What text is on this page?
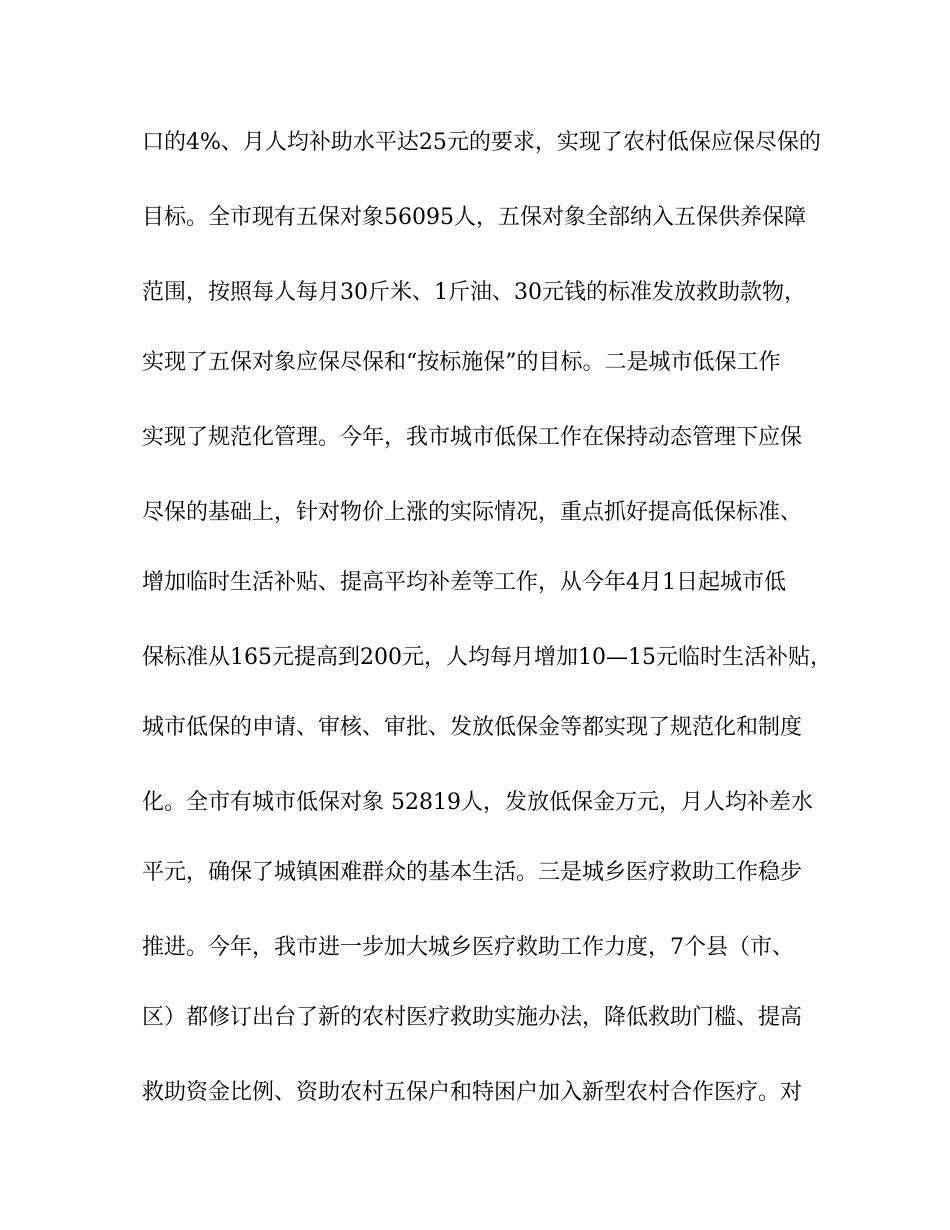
口的4%、月人均补助水平达25元的要求，实现了农村低保应保尽保的
目标。全市现有五保对象56095人，五保对象全部纳入五保供养保障
范围，按照每人每月30斤米、1斤油、30元钱的标准发放救助款物，
实现了五保对象应保尽保和“按标施保”的目标。二是城市低保工作
实现了规范化管理。今年，我市城市低保工作在保持动态管理下应保
尽保的基础上，针对物价上涨的实际情况，重点抓好提高低保标准、
增加临时生活补贴、提高平均补差等工作，从今年4月1日起城市低
保标准从165元提高到200元，人均每月增加10—15元临时生活补贴，
城市低保的申请、审核、审批、发放低保金等都实现了规范化和制度
化。全市有城市低保对象 52819人，发放低保金万元，月人均补差水
平元，确保了城镇困难群众的基本生活。三是城乡医疗救助工作稳步
推进。今年，我市进一步加大城乡医疗救助工作力度，7个县（市、
区）都修订出台了新的农村医疗救助实施办法，降低救助门槛、提高
救助资金比例、资助农村五保户和特困户加入新型农村合作医疗。对
